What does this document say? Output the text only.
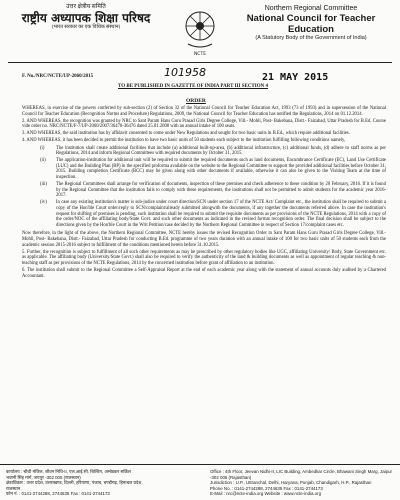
उत्तर क्षेत्रीय समिति
राष्ट्रीय अध्यापक शिक्षा परिषद
(भारत सरकार का एक विधिक संस्थान)
NCTE
Northern Regional Committee
National Council for Teacher Education
(A Statutory Body of the Government of India)
F. No./NRC/NCTE/UP-2060/2015	101958
TO BE PUBLISHED IN GAZETTE OF INDIA PART III SECTION 4
21 MAY 2015
ORDER

WHEREAS, in exercise of the powers conferred by sub-section (2) of Section 32 of the National Council for Teacher Education Act, 1993 (73 of 1993) and in supersession of the National Council for Teacher Education (Recognition Norms and Procedure) Regulations, 2009, the National Council for Teacher Education has notified the Regulations, 2014 on 01.12.2014.

2. AND WHEREAS, the recognition was granted by NRC to Sant Param Hans Guru Prasad Girls Degree College, Vill.- Mohli, Post- Bakebana, Distt.- Faizabad, Uttar Pradesh for B.Ed. Course vide order no. NRC/NCTE/F-7/UP-2060/2007/36470-36476 dated 25.01.2008 with an annual intake of 100 seats.

3. AND WHEREAS, the said institution has by affidavit consented to come under New Regulations and sought for two basic units in B.Ed., which require additional facilities.

4. AND WHEREAS, it has been decided to permit the institution to have two basic units of 50 students each subject to the institution fulfilling following conditions namely,

(i)	The institution shall create additional facilities that include (a) additional built-up-area, (b) additional infrastructure, (c) additional funds, (d) adhere to staff norms as per Regulations, 2014 and inform Regional Committees with required documents by October 31, 2015.
(ii)	The application-institution for additional unit will be required to submit the required documents such as land documents, Encumbrance Certificate (EC), Land Use Certificate (LUC) and the Building Plan (BP) in the specified proforma available on the website to the Regional Committee to support the provided additional facilities before October 31, 2015. Building completion Certificate (BCC) may be given along with other documents if available, otherwise it can also be given to the Visiting Team at the time of inspection.
(iii)	The Regional Committees shall arrange for verification of documents, inspection of these premises and check adherence to these condition by 20 February, 2016. If it is found by the Regional Committee that the institution fails to comply with these requirements, the institutions shall not be permitted to admit students for the academic year 2016-2017.
(iv)	In case any existing institution's matter is sub-judice under court direction/SCN under section 17 of the NCTE Act/ Complaint etc., the institution shall be required to submit a copy of the Hon'ble Court order/reply to SCN/complaint/already submitted alongwith the documents, if any together the documents referred above. In case the institution's request for shifting of premises is pending, such institution shall be required to submit the requisite documents as per provisions of the NCTE Regulations, 2014 with a copy of the order/NOC of the affiliating body/State Govt. and such other documents as indicated in the revised format recognition order. The final decision shall be subject to the directions given by the Hon'ble Court in the Writ Petition/case decided by the Northern Regional Committee in respect of Section 17/complaint cases etc.

Now therefore, in the light of the above, the Northern Regional Committee, NCTE hereby issues the revised Recognition Order to Sant Param Hans Guru Prasad Girls Degree College, Vill.- Mohli, Post- Bakebana, Distt.- Faizabad, Uttar Pradesh for conducting B.Ed. programme of two years duration with an annual intake of 100 for two basic units of 50 students each from the academic session 2015-2016 subject to fulfillment of the conditions mentioned herein before 31.10.2015.

5. Further, the recognition is subject to fulfillment of all such other requirements as may be prescribed by other regulatory bodies like UGC, affiliating University/ Body, State Government etc. as applicable. The affiliating body (University/State Govt.) shall also be required to verify the authenticity of the land & building documents as well as appointment of regular teaching & non-teaching staff as per provisions of the NCTE Regulations, 2014 by the concerned institution before grant of affiliation to an institution.

6. The institution shall submit to the Regional Committee a Self-Appraisal Report at the end of each academic year along with the statement of annual accounts duly audited by a Chartered Accountant.

कार्यालय : चौथी मंजिल, जीवन निधि-II, एल.आई.सी. बिल्डिंग, अम्बेडकर सर्किल
भवानी सिंह मार्ग, जयपुर -302 005 (राजस्थान)
क्षेत्राधिकार : उत्तर प्रदेश, उत्तराखण्ड, दिल्ली, हरियाणा, पंजाब, चण्डीगढ़, हिमाचल प्रदेश, राजस्थान
फोन नं. : 0141-2744288, 2744635 Fax : 0141-2744173
Office : 4th Floor, Jeevan Nidhi-II, LIC Building, Ambedkar Circle, Bhawani Singh Marg, Jaipur -302 005 (Rajasthan)
Jurisdiction : U.P., Uttranchal, Delhi, Haryana, Punjab, Chandigarh, H.P., Rajasthan
Phone No. : 0141-2744288, 2744635 Fax : 0141-2744173
E-Mail : nrc@ncte-india.org Website : www.ncte-india.org
